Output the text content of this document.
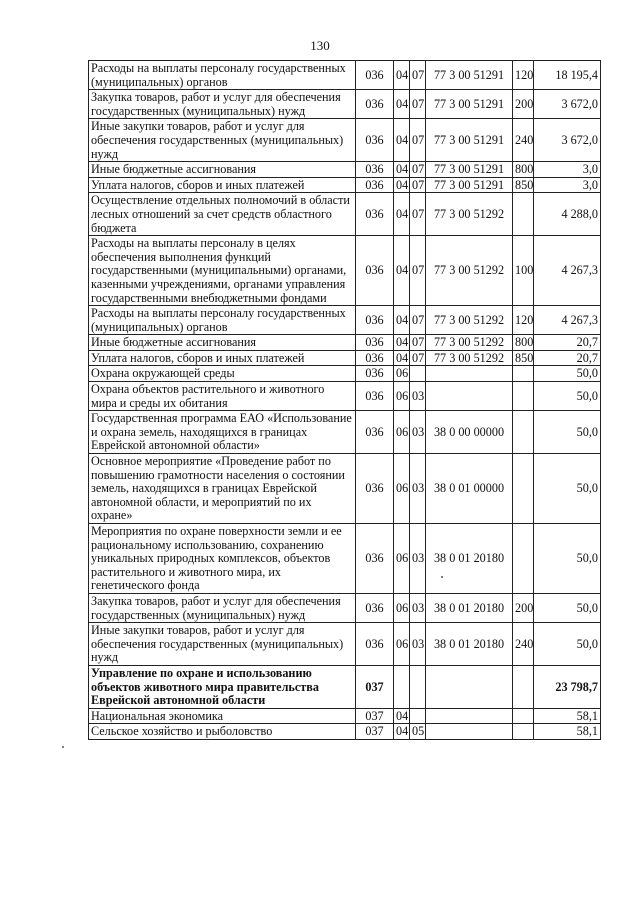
130
Расходы на выплаты персоналу государственных (муниципальных) органов	036	04	07	77 3 00 51291	120	18 195,4
Закупка товаров, работ и услуг для обеспечения государственных (муниципальных) нужд	036	04	07	77 3 00 51291	200	3 672,0
Иные закупки товаров, работ и услуг для обеспечения государственных (муниципальных) нужд	036	04	07	77 3 00 51291	240	3 672,0
Иные бюджетные ассигнования	036	04	07	77 3 00 51291	800	3,0
Уплата налогов, сборов и иных платежей	036	04	07	77 3 00 51291	850	3,0
Осуществление отдельных полномочий в области лесных отношений за счет средств областного бюджета	036	04	07	77 3 00 51292		4 288,0
Расходы на выплаты персоналу в целях обеспечения выполнения функций государственными (муниципальными) органами, казенными учреждениями, органами управления государственными внебюджетными фондами	036	04	07	77 3 00 51292	100	4 267,3
Расходы на выплаты персоналу государственных (муниципальных) органов	036	04	07	77 3 00 51292	120	4 267,3
Иные бюджетные ассигнования	036	04	07	77 3 00 51292	800	20,7
Уплата налогов, сборов и иных платежей	036	04	07	77 3 00 51292	850	20,7
Охрана окружающей среды	036	06				50,0
Охрана объектов растительного и животного мира и среды их обитания	036	06	03			50,0
Государственная программа ЕАО «Использование и охрана земель, находящихся в границах Еврейской автономной области»	036	06	03	38 0 00 00000		50,0
Основное мероприятие «Проведение работ по повышению грамотности населения о состоянии земель, находящихся в границах Еврейской автономной области, и мероприятий по их охране»	036	06	03	38 0 01 00000		50,0
Мероприятия по охране поверхности земли и ее рациональному использованию, сохранению уникальных природных комплексов, объектов растительного и животного мира, их генетического фонда	036	06	03	38 0 01 20180		50,0
Закупка товаров, работ и услуг для обеспечения государственных (муниципальных) нужд	036	06	03	38 0 01 20180	200	50,0
Иные закупки товаров, работ и услуг для обеспечения государственных (муниципальных) нужд	036	06	03	38 0 01 20180	240	50,0
Управление по охране и использованию объектов животного мира правительства Еврейской автономной области	037					23 798,7
Национальная экономика	037	04				58,1
Сельское хозяйство и рыболовство	037	04	05			58,1
